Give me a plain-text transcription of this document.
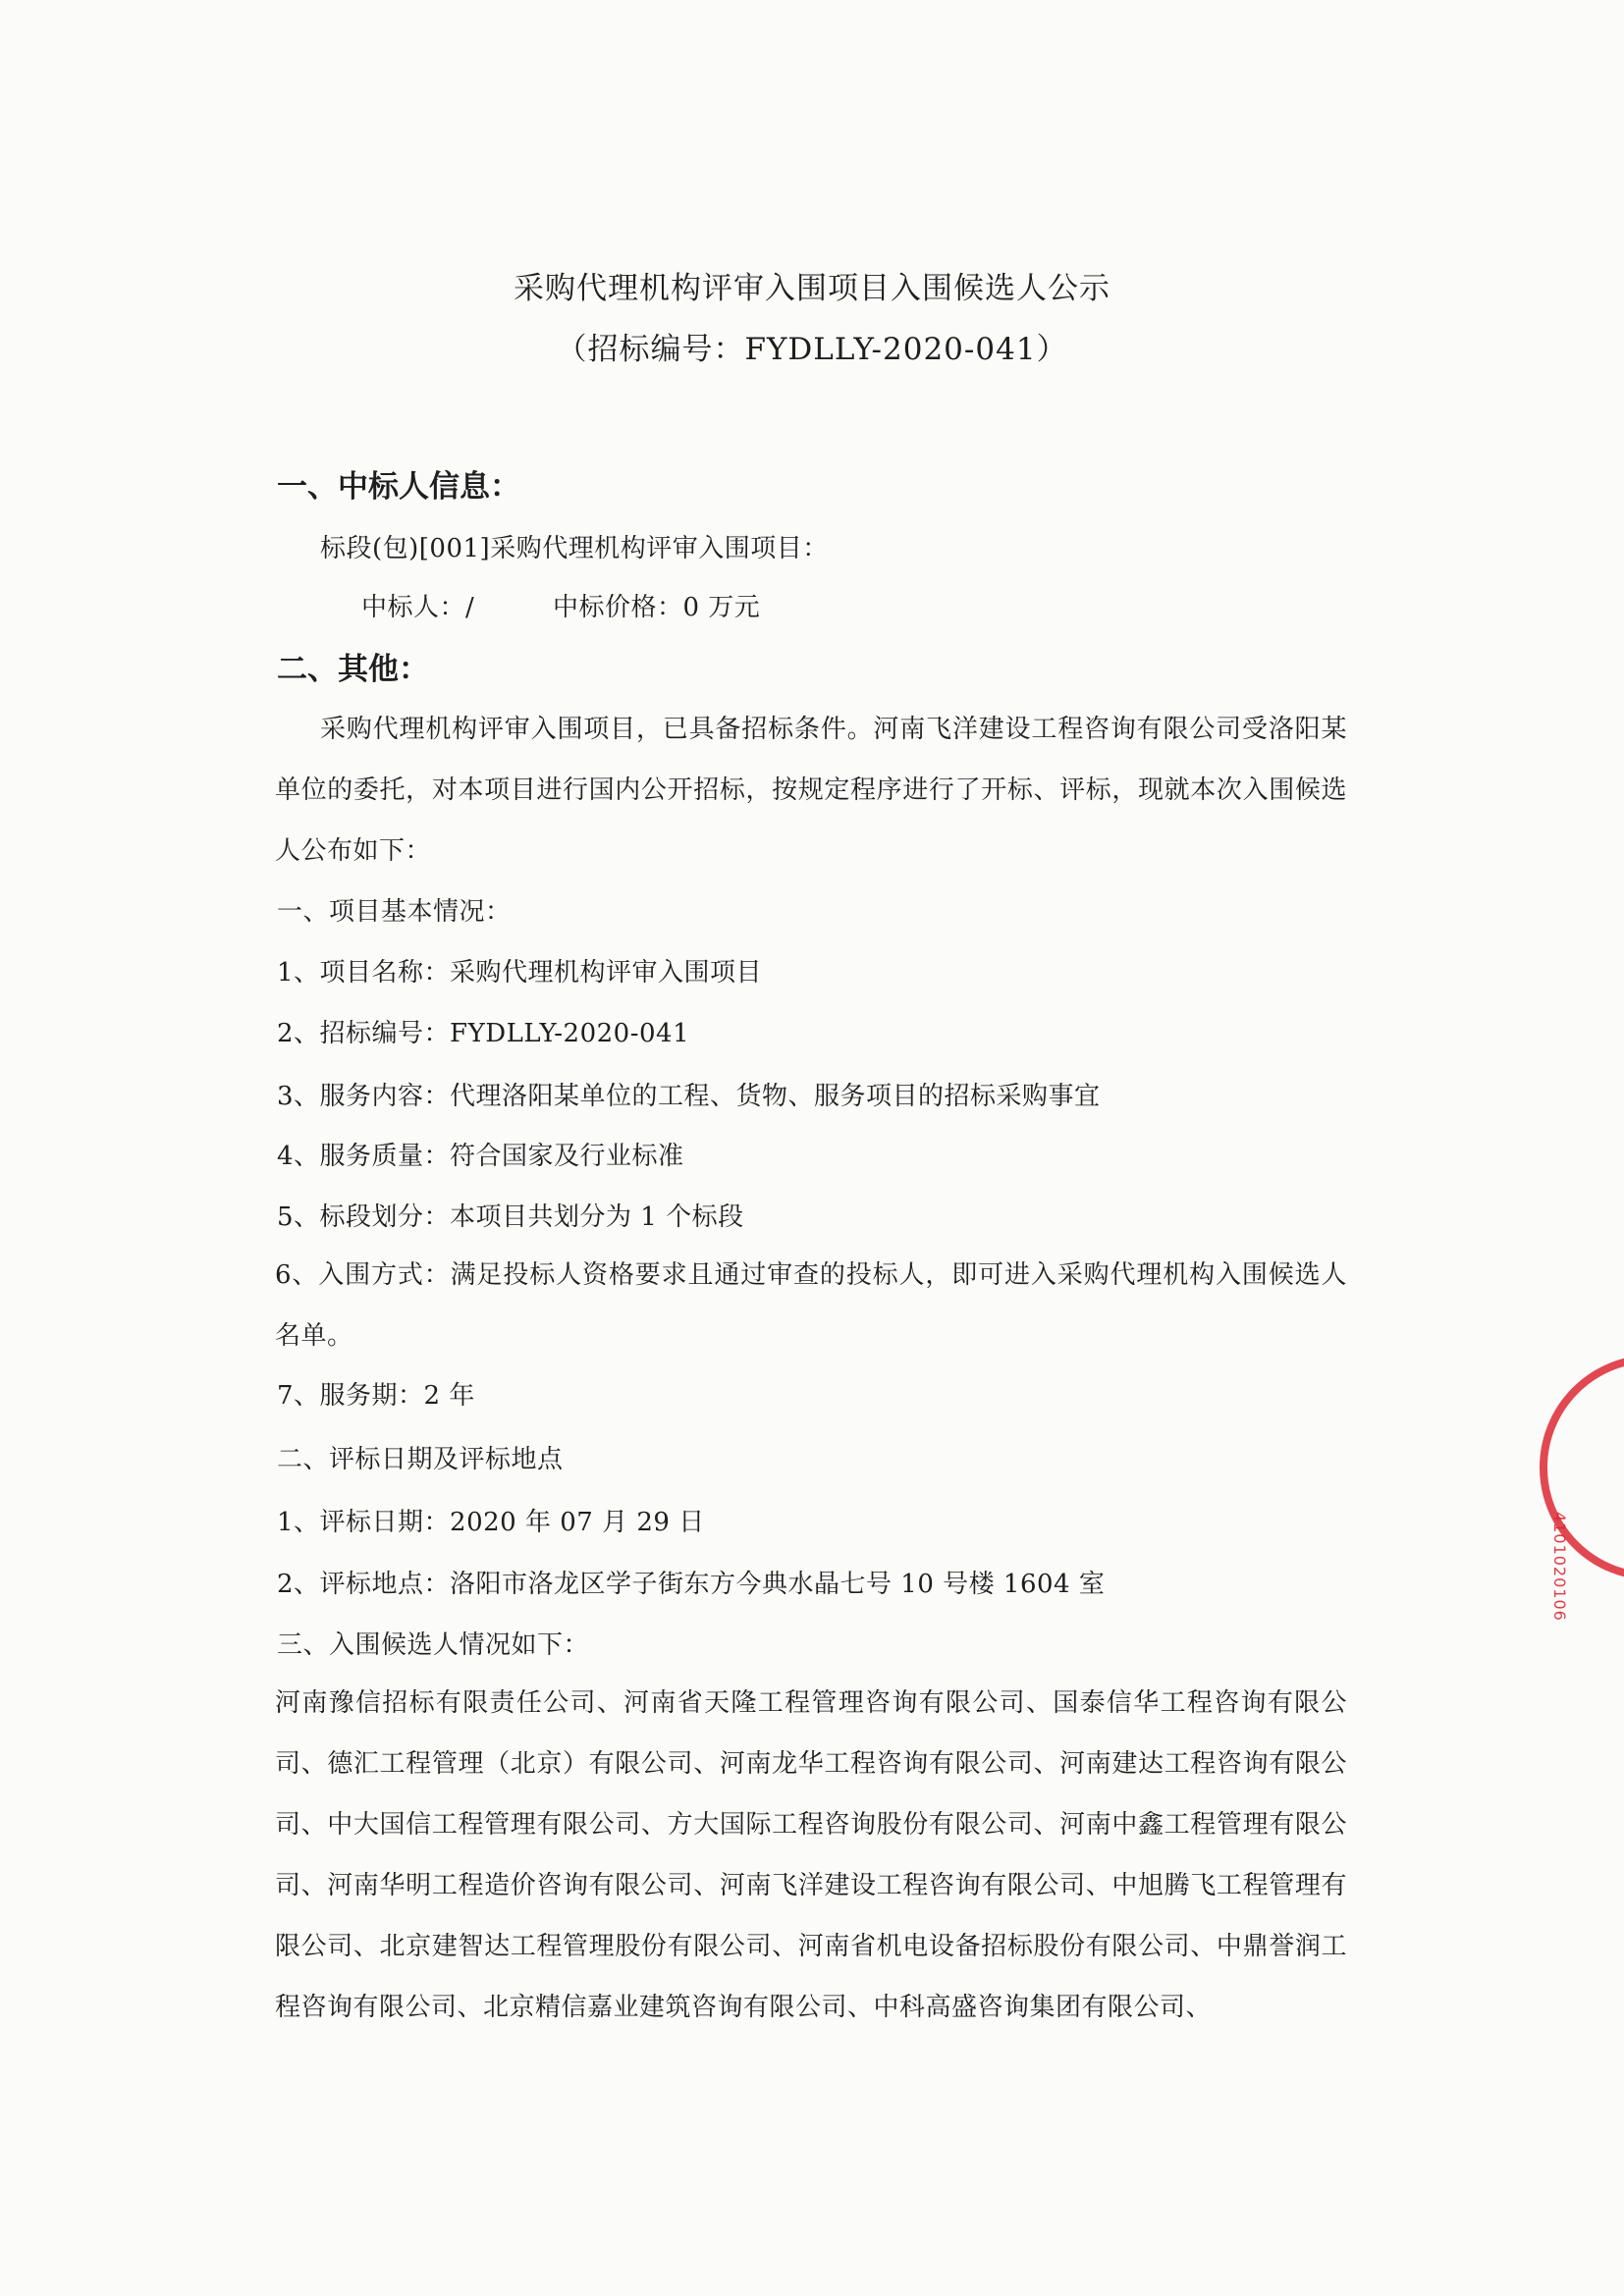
采购代理机构评审入围项目入围候选人公示
（招标编号：FYDLLY-2020-041）
一、中标人信息：
标段(包)[001]采购代理机构评审入围项目：
中标人：/	中标价格：0 万元
二、其他：
采购代理机构评审入围项目，已具备招标条件。河南飞洋建设工程咨询有限公司受洛阳某单位的委托，对本项目进行国内公开招标，按规定程序进行了开标、评标，现就本次入围候选人公布如下：
一、项目基本情况：
1、项目名称：采购代理机构评审入围项目
2、招标编号：FYDLLY-2020-041
3、服务内容：代理洛阳某单位的工程、货物、服务项目的招标采购事宜
4、服务质量：符合国家及行业标准
5、标段划分：本项目共划分为 1 个标段
6、入围方式：满足投标人资格要求且通过审查的投标人，即可进入采购代理机构入围候选人名单。
7、服务期：2 年
二、评标日期及评标地点
1、评标日期：2020 年 07 月 29 日
2、评标地点：洛阳市洛龙区学子街东方今典水晶七号 10 号楼 1604 室
三、入围候选人情况如下：
河南豫信招标有限责任公司、河南省天隆工程管理咨询有限公司、国泰信华工程咨询有限公司、德汇工程管理（北京）有限公司、河南龙华工程咨询有限公司、河南建达工程咨询有限公司、中大国信工程管理有限公司、方大国际工程咨询股份有限公司、河南中鑫工程管理有限公司、河南华明工程造价咨询有限公司、河南飞洋建设工程咨询有限公司、中旭腾飞工程管理有限公司、北京建智达工程管理股份有限公司、河南省机电设备招标股份有限公司、中鼎誉润工程咨询有限公司、北京精信嘉业建筑咨询有限公司、中科高盛咨询集团有限公司、
4101020106
